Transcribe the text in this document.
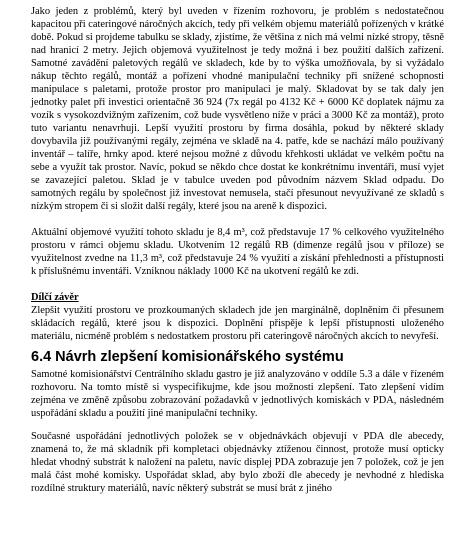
Jako jeden z problémů, který byl uveden v řízením rozhovoru, je problém s nedostatečnou kapacitou při cateringové náročných akcích, tedy při velkém objemu materiálů pořízených v krátké době. Pokud si projdeme tabulku se sklady, zjistíme, že většina z nich má velmi nízké stropy, těsně nad hranicí 2 metry. Jejich objemová využitelnost je tedy možná i bez použití dalších zařízení. Samotné zavádění paletových regálů ve skladech, kde by to výška umožňovala, by si vyžádalo nákup těchto regálů, montáž a pořízení vhodné manipulační techniky při snížené schopnosti manipulace s paletami, protože prostor pro manipulaci je malý. Skladovat by se tak daly jen jednotky palet při investici orientačně 36 924 (7x regál po 4132 Kč + 6000 Kč doplatek nájmu za vozík s vysokozdvižným zařízením, což bude vysvětleno níže v práci a 3000 Kč za montáž), proto tuto variantu nenavrhuji. Lepší využití prostoru by firma dosáhla, pokud by některé sklady dovybavila již používanými regály, zejména ve skladě na 4. patře, kde se nachází málo používaný inventář – talíře, hrnky apod. které nejsou možné z důvodu křehkosti ukládat ve velkém počtu na sebe a využít tak prostor. Navíc, pokud se někdo chce dostat ke konkrétnímu inventáři, musí vyjet se zavazející paletou. Sklad je v tabulce uveden pod původním názvem Sklad odpadu. Do samotných regálu by společnost již investovat nemusela, stačí přesunout nevyužívané ze skladů s nízkým stropem či si složit další regály, které jsou na areně k dispozici.

Aktuální objemové využití tohoto skladu je 8,4 m³, což představuje 17 % celkového využitelného prostoru v rámci objemu skladu. Ukotvením 12 regálů RB (dimenze regálů jsou v příloze) se využitelnost zvedne na 11,3 m³, což představuje 24 % využití a získání přehlednosti a přístupnosti k příslušnému inventáři. Vzniknou náklady 1000 Kč na ukotvení regálů ke zdi.

Dílčí závěr

Zlepšit využití prostoru ve prozkoumaných skladech jde jen marginálně, doplněním či přesunem skládacích regálů, které jsou k dispozici. Doplnění přispěje k lepší přístupnosti uloženého materiálu, nicméně problém s nedostatkem prostoru při cateringově náročných akcích to nevyřeší.

6.4 Návrh zlepšení komisionářského systému

Samotné komisionářství Centrálního skladu gastro je již analyzováno v oddíle 5.3 a dále v řízeném rozhovoru. Na tomto místě si vyspecifikujme, kde jsou možnosti zlepšení. Tato zlepšení vidím zejména ve změně způsobu zobrazování požadavků v jednotlivých komiskách v PDA, následném uspořádání skladu a použití jiné manipulační techniky.

Současné uspořádání jednotlivých položek se v objednávkách objevují v PDA dle abecedy, znamená to, že má skladník při kompletaci objednávky ztíženou činnost, protože musí opticky hledat vhodný substrát k naložení na paletu, navíc displej PDA zobrazuje jen 7 položek, což je jen malá část mohé komisky. Uspořádat sklad, aby bylo zboží dle abecedy je nevhodné z hlediska rozdílné struktury materiálů, navíc některý substrát se musí brát z jiného
